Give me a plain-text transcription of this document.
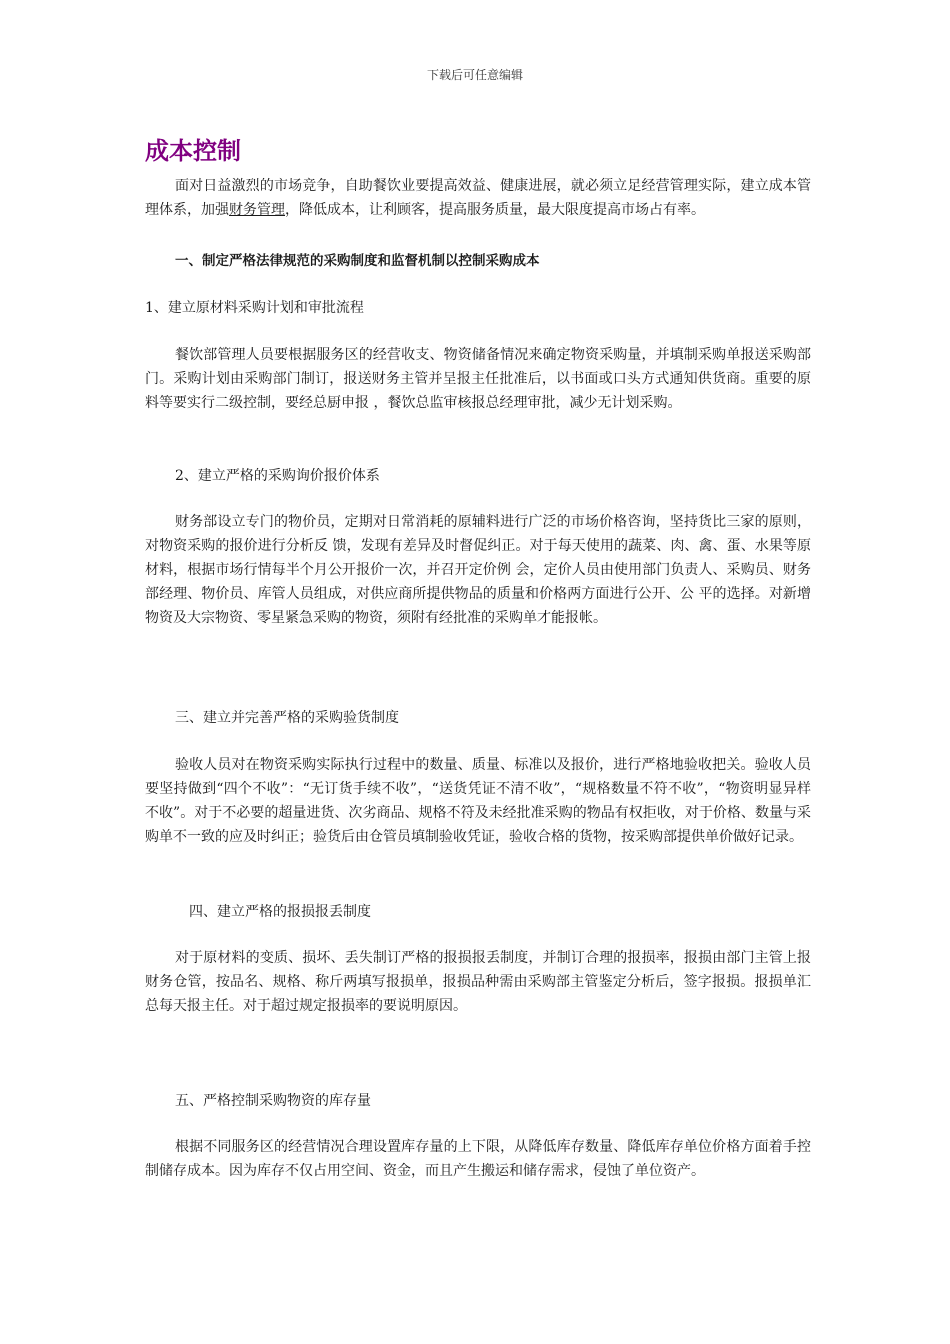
下载后可任意编辑
成本控制

面对日益激烈的市场竞争，自助餐饮业要提高效益、健康进展，就必须立足经营管理实际，建立成本管理体系，加强财务管理，降低成本，让利顾客，提高服务质量，最大限度提高市场占有率。

一、制定严格法律规范的采购制度和监督机制以控制采购成本
1、建立原材料采购计划和审批流程

餐饮部管理人员要根据服务区的经营收支、物资储备情况来确定物资采购量，并填制采购单报送采购部门。采购计划由采购部门制订，报送财务主管并呈报主任批准后，以书面或口头方式通知供货商。重要的原料等要实行二级控制，要经总厨申报 ，餐饮总监审核报总经理审批，减少无计划采购。

2、建立严格的采购询价报价体系

财务部设立专门的物价员，定期对日常消耗的原辅料进行广泛的市场价格咨询，坚持货比三家的原则，对物资采购的报价进行分析反 馈，发现有差异及时督促纠正。对于每天使用的蔬菜、肉、禽、蛋、水果等原材料，根据市场行情每半个月公开报价一次，并召开定价例 会，定价人员由使用部门负责人、采购员、财务部经理、物价员、库管人员组成，对供应商所提供物品的质量和价格两方面进行公开、公 平的选择。对新增物资及大宗物资、零星紧急采购的物资，须附有经批准的采购单才能报帐。

三、建立并完善严格的采购验货制度

验收人员对在物资采购实际执行过程中的数量、质量、标准以及报价，进行严格地验收把关。验收人员要坚持做到“四个不收”：“无订货手续不收”，“送货凭证不清不收”，“规格数量不符不收”，“物资明显异样不收”。对于不必要的超量进货、次劣商品、规格不符及未经批准采购的物品有权拒收，对于价格、数量与采购单不一致的应及时纠正；验货后由仓管员填制验收凭证，验收合格的货物，按采购部提供单价做好记录。

四、建立严格的报损报丢制度

对于原材料的变质、损坏、丢失制订严格的报损报丢制度，并制订合理的报损率，报损由部门主管上报财务仓管，按品名、规格、称斤两填写报损单，报损品种需由采购部主管鉴定分析后，签字报损。报损单汇总每天报主任。对于超过规定报损率的要说明原因。

五、严格控制采购物资的库存量

根据不同服务区的经营情况合理设置库存量的上下限，从降低库存数量、降低库存单位价格方面着手控制储存成本。因为库存不仅占用空间、资金，而且产生搬运和储存需求，侵蚀了单位资产。
